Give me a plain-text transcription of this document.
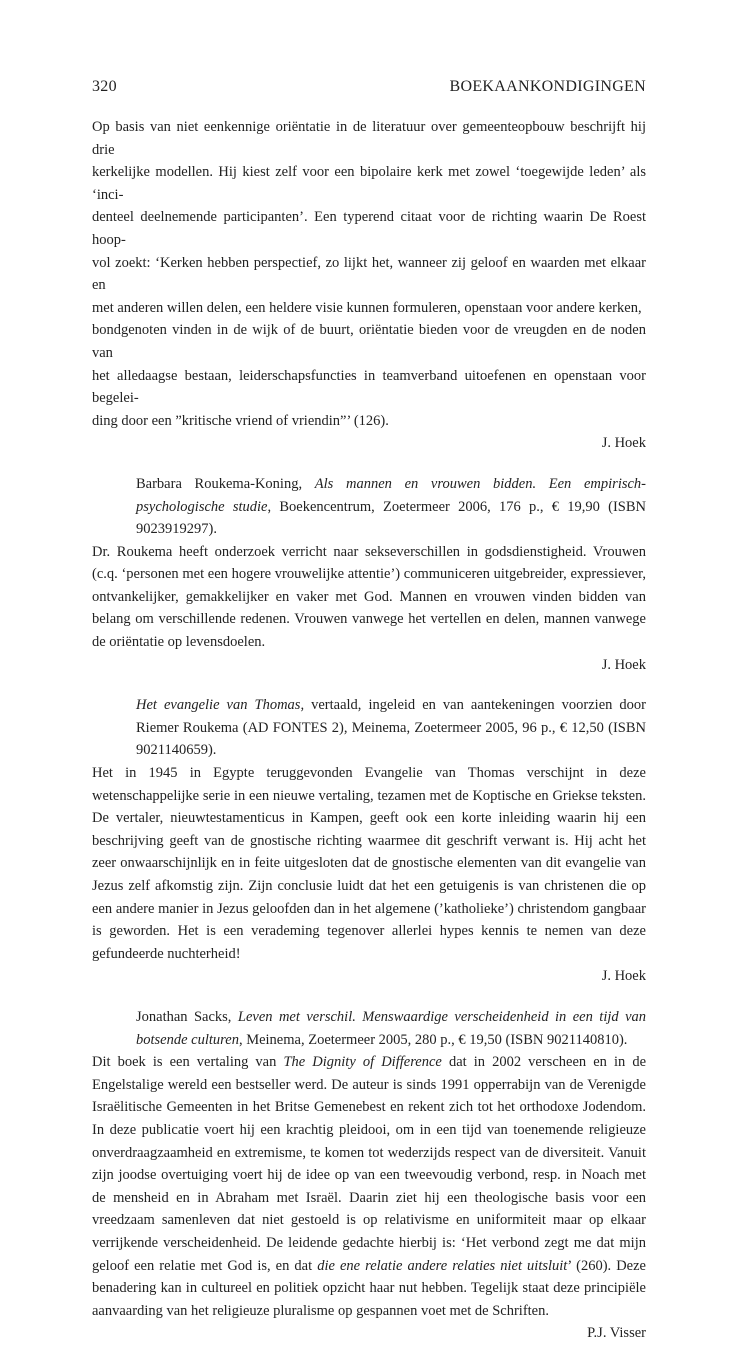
320	BOEKAANKONDIGINGEN
Op basis van niet eenkennige oriëntatie in de literatuur over gemeenteopbouw beschrijft hij drie
kerkelijke modellen. Hij kiest zelf voor een bipolaire kerk met zowel ‘toegewijde leden’ als ‘inci-
denteel deelnemende participanten’. Een typerend citaat voor de richting waarin De Roest hoop-
vol zoekt: ‘Kerken hebben perspectief, zo lijkt het, wanneer zij geloof en waarden met elkaar en
met anderen willen delen, een heldere visie kunnen formuleren, openstaan voor andere kerken,
bondgenoten vinden in de wijk of de buurt, oriëntatie bieden voor de vreugden en de noden van
het alledaagse bestaan, leiderschapsfuncties in teamverband uitoefenen en openstaan voor begelei-
ding door een ”kritische vriend of vriendin”’ (126).
J. Hoek
Barbara Roukema-Koning, Als mannen en vrouwen bidden. Een empirisch-psychologische studie, Boekencentrum, Zoetermeer 2006, 176 p., € 19,90 (ISBN 9023919297).
Dr. Roukema heeft onderzoek verricht naar sekseverschillen in godsdienstigheid. Vrouwen (c.q. ‘personen met een hogere vrouwelijke attentie’) communiceren uitgebreider, expressiever, ontvankelijker, gemakkelijker en vaker met God. Mannen en vrouwen vinden bidden van belang om verschillende redenen. Vrouwen vanwege het vertellen en delen, mannen vanwege de oriëntatie op levensdoelen.
J. Hoek
Het evangelie van Thomas, vertaald, ingeleid en van aantekeningen voorzien door Riemer Roukema (AD FONTES 2), Meinema, Zoetermeer 2005, 96 p., € 12,50 (ISBN 9021140659).
Het in 1945 in Egypte teruggevonden Evangelie van Thomas verschijnt in deze wetenschappelijke serie in een nieuwe vertaling, tezamen met de Koptische en Griekse teksten. De vertaler, nieuwtestamenticus in Kampen, geeft ook een korte inleiding waarin hij een beschrijving geeft van de gnostische richting waarmee dit geschrift verwant is. Hij acht het zeer onwaarschijnlijk en in feite uitgesloten dat de gnostische elementen van dit evangelie van Jezus zelf afkomstig zijn. Zijn conclusie luidt dat het een getuigenis is van christenen die op een andere manier in Jezus geloofden dan in het algemene (’katholieke’) christendom gangbaar is geworden. Het is een verademing tegenover allerlei hypes kennis te nemen van deze gefundeerde nuchterheid!
J. Hoek
Jonathan Sacks, Leven met verschil. Menswaardige verscheidenheid in een tijd van botsende culturen, Meinema, Zoetermeer 2005, 280 p., € 19,50 (ISBN 9021140810).
Dit boek is een vertaling van The Dignity of Difference dat in 2002 verscheen en in de Engelstalige wereld een bestseller werd. De auteur is sinds 1991 opperrabijn van de Verenigde Israëlitische Gemeenten in het Britse Gemenebest en rekent zich tot het orthodoxe Jodendom. In deze publicatie voert hij een krachtig pleidooi, om in een tijd van toenemende religieuze onverdraagzaamheid en extremisme, te komen tot wederzijds respect van de diversiteit. Vanuit zijn joodse overtuiging voert hij de idee op van een tweevoudig verbond, resp. in Noach met de mensheid en in Abraham met Israël. Daarin ziet hij een theologische basis voor een vreedzaam samenleven dat niet gestoeld is op relativisme en uniformiteit maar op elkaar verrijkende verscheidenheid. De leidende gedachte hierbij is: ‘Het verbond zegt me dat mijn geloof een relatie met God is, en dat die ene relatie andere relaties niet uitsluit’ (260). Deze benadering kan in cultureel en politiek opzicht haar nut hebben. Tegelijk staat deze principiële aanvaarding van het religieuze pluralisme op gespannen voet met de Schriften.
P.J. Visser
